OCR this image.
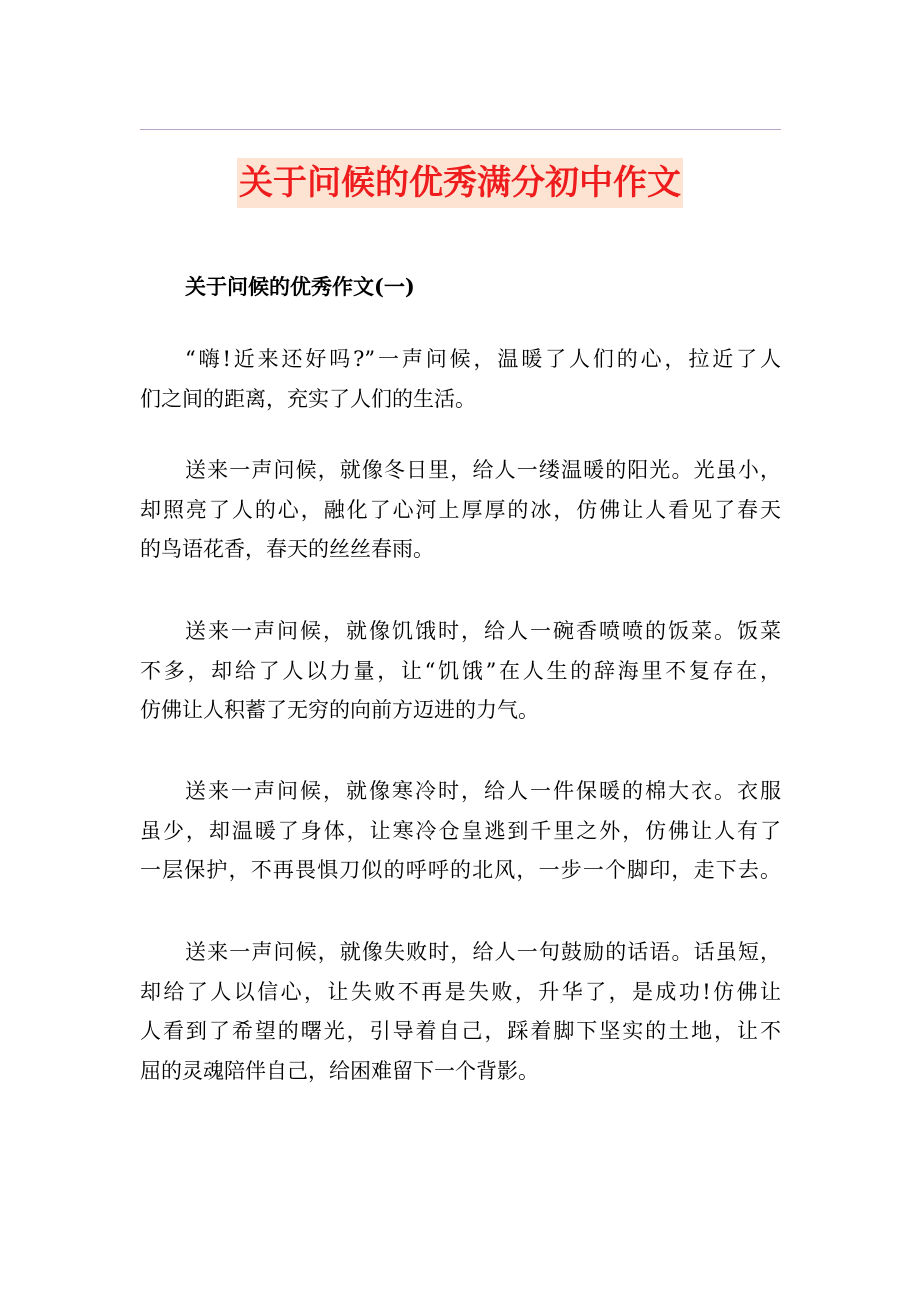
关于问候的优秀满分初中作文
关于问候的优秀作文(一)
“嗨!近来还好吗?”一声问候，温暖了人们的心，拉近了人
们之间的距离，充实了人们的生活。
送来一声问候，就像冬日里，给人一缕温暖的阳光。光虽小，
却照亮了人的心，融化了心河上厚厚的冰，仿佛让人看见了春天
的鸟语花香，春天的丝丝春雨。
送来一声问候，就像饥饿时，给人一碗香喷喷的饭菜。饭菜
不多，却给了人以力量，让“饥饿”在人生的辞海里不复存在，
仿佛让人积蓄了无穷的向前方迈进的力气。
送来一声问候，就像寒冷时，给人一件保暖的棉大衣。衣服
虽少，却温暖了身体，让寒冷仓皇逃到千里之外，仿佛让人有了
一层保护，不再畏惧刀似的呼呼的北风，一步一个脚印，走下去。
送来一声问候，就像失败时，给人一句鼓励的话语。话虽短，
却给了人以信心，让失败不再是失败，升华了，是成功!仿佛让
人看到了希望的曙光，引导着自己，踩着脚下坚实的土地，让不
屈的灵魂陪伴自己，给困难留下一个背影。
